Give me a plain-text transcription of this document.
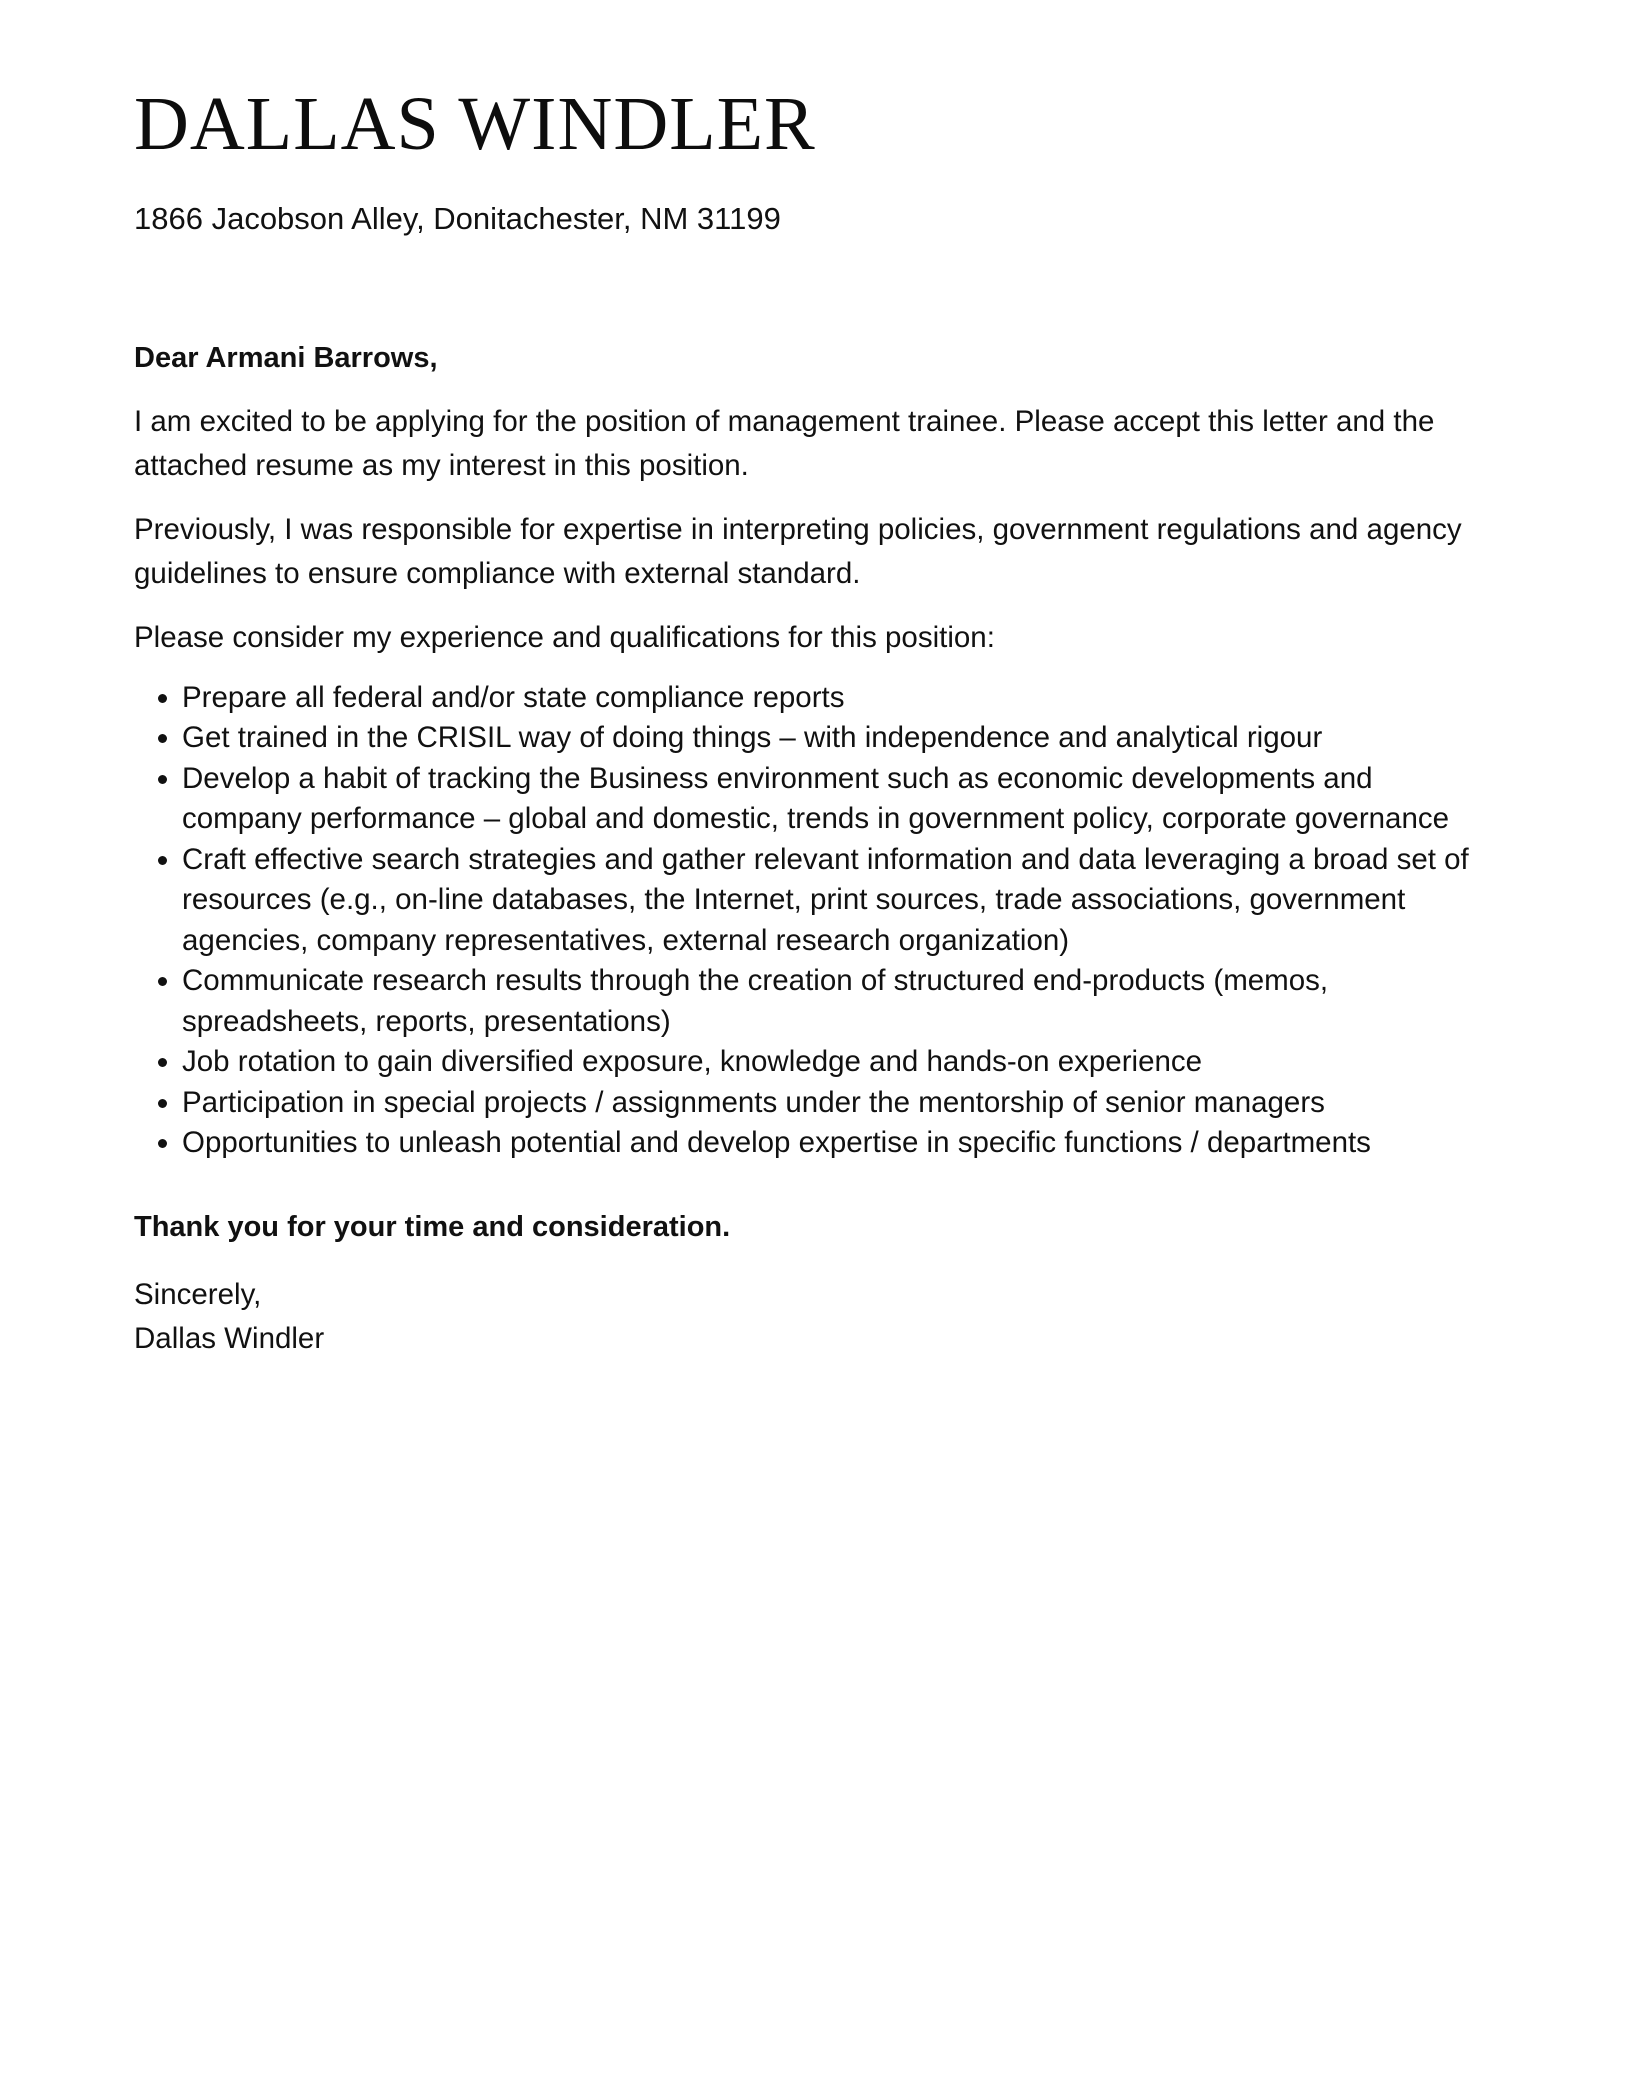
DALLAS WINDLER
1866 Jacobson Alley, Donitachester, NM 31199
Dear Armani Barrows,
I am excited to be applying for the position of management trainee. Please accept this letter and the attached resume as my interest in this position.
Previously, I was responsible for expertise in interpreting policies, government regulations and agency guidelines to ensure compliance with external standard.
Please consider my experience and qualifications for this position:
• Prepare all federal and/or state compliance reports
• Get trained in the CRISIL way of doing things – with independence and analytical rigour
• Develop a habit of tracking the Business environment such as economic developments and company performance – global and domestic, trends in government policy, corporate governance
• Craft effective search strategies and gather relevant information and data leveraging a broad set of resources (e.g., on-line databases, the Internet, print sources, trade associations, government agencies, company representatives, external research organization)
• Communicate research results through the creation of structured end-products (memos, spreadsheets, reports, presentations)
• Job rotation to gain diversified exposure, knowledge and hands-on experience
• Participation in special projects / assignments under the mentorship of senior managers
• Opportunities to unleash potential and develop expertise in specific functions / departments
Thank you for your time and consideration.
Sincerely,
Dallas Windler
